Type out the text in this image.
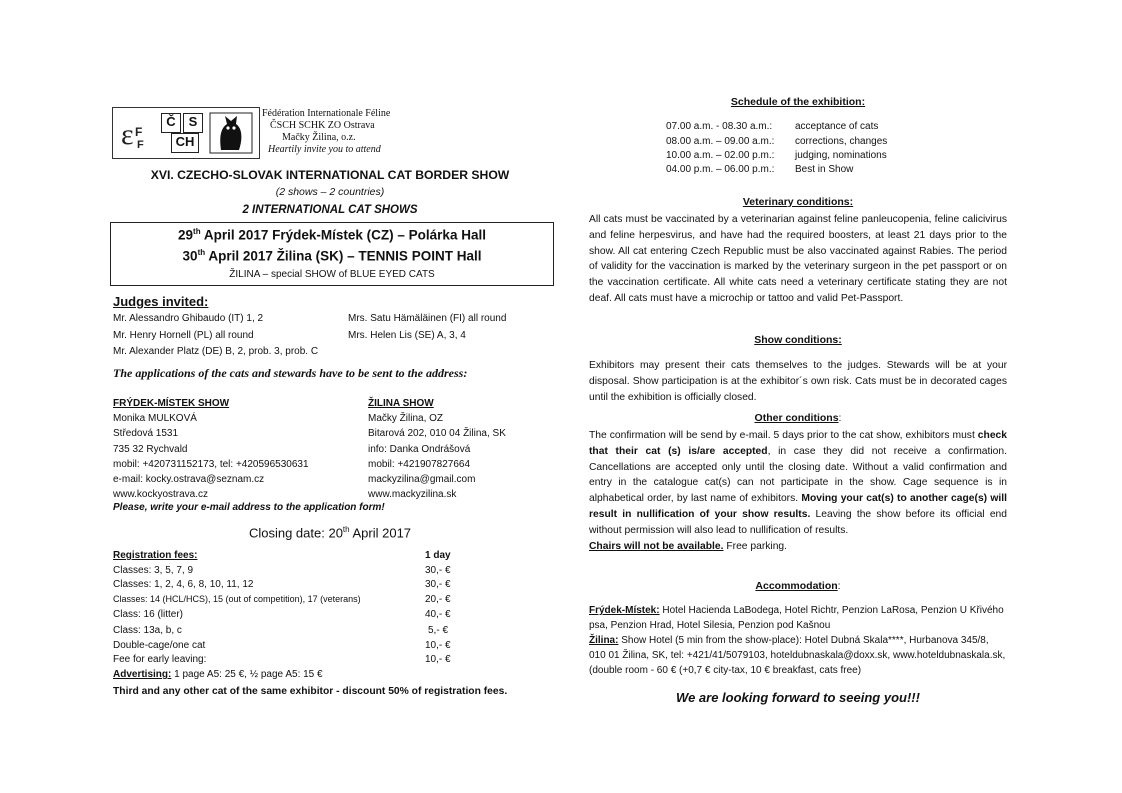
ε F
F
Č S
CH
Fédération Internationale Féline
ČSCH SCHK ZO Ostrava
Mačky Žilina, o.z.
Heartily invite you to attend
XVI. CZECHO-SLOVAK INTERNATIONAL CAT BORDER SHOW
(2 shows – 2 countries)
2 INTERNATIONAL CAT SHOWS
29th April 2017 Frýdek-Místek (CZ) – Polárka Hall
30th April 2017 Žilina (SK) – TENNIS POINT Hall
ŽILINA – special SHOW of BLUE EYED CATS
Judges invited:
Mr. Alessandro Ghibaudo (IT) 1, 2	Mrs. Satu Hämäläinen (FI) all round
Mr. Henry Hornell (PL) all round	Mrs. Helen Lis (SE) A, 3, 4
Mr. Alexander Platz (DE) B, 2, prob. 3, prob. C
The applications of the cats and stewards have to be sent to the address:
FRÝDEK-MÍSTEK SHOW
Monika MULKOVÁ
Středová 1531
735 32 Rychvald
mobil: +420731152173, tel: +420596530631
e-mail: kocky.ostrava@seznam.cz
www.kockyostrava.cz
ŽILINA SHOW
Mačky Žilina, OZ
Bitarová 202, 010 04 Žilina, SK
info: Danka Ondrášová
mobil: +421907827664
mackyzilina@gmail.com
www.mackyzilina.sk
Please, write your e-mail address to the application form!
Closing date: 20th April 2017
Registration fees:	1 day
Classes: 3, 5, 7, 9	30,- €
Classes: 1, 2, 4, 6, 8, 10, 11, 12	30,- €
Classes: 14 (HCL/HCS), 15 (out of competition), 17 (veterans)	20,- €
Class: 16 (litter)	40,- €
Class: 13a, b, c	5,- €
Double-cage/one cat	10,- €
Fee for early leaving:	10,- €
Advertising: 1 page A5: 25 €, ½ page A5: 15 €
Third and any other cat of the same exhibitor - discount 50% of registration fees.
Schedule of the exhibition:
07.00 a.m. - 08.30 a.m.: acceptance of cats
08.00 a.m. – 09.00 a.m.: corrections, changes
10.00 a.m. – 02.00 p.m.: judging, nominations
04.00 p.m. – 06.00 p.m.: Best in Show
Veterinary conditions:
All cats must be vaccinated by a veterinarian against feline panleucopenia, feline calicivirus and feline herpesvirus, and have had the required boosters, at least 21 days prior to the show. All cat entering Czech Republic must be also vaccinated against Rabies. The period of validity for the vaccination is marked by the veterinary surgeon in the pet passport or on the vaccination certificate. All white cats need a veterinary certificate stating they are not deaf. All cats must have a microchip or tattoo and valid Pet-Passport.
Show conditions:
Exhibitors may present their cats themselves to the judges. Stewards will be at your disposal. Show participation is at the exhibitor´s own risk. Cats must be in decorated cages until the exhibition is officially closed.
Other conditions:
The confirmation will be send by e-mail. 5 days prior to the cat show, exhibitors must check that their cat (s) is/are accepted, in case they did not receive a confirmation. Cancellations are accepted only until the closing date. Without a valid confirmation and entry in the catalogue cat(s) can not participate in the show. Cage sequence is in alphabetical order, by last name of exhibitors. Moving your cat(s) to another cage(s) will result in nullification of your show results. Leaving the show before its official end without permission will also lead to nullification of results.
Chairs will not be available. Free parking.
Accommodation:
Frýdek-Místek: Hotel Hacienda LaBodega, Hotel Richtr, Penzion LaRosa, Penzion U Křivého psa, Penzion Hrad, Hotel Silesia, Penzion pod Kašnou
Žilina: Show Hotel (5 min from the show-place): Hotel Dubná Skala****, Hurbanova 345/8, 010 01 Žilina, SK, tel: +421/41/5079103, hoteldubnaskala@doxx.sk, www.hoteldubnaskala.sk, (double room - 60 € (+0,7 € city-tax, 10 € breakfast, cats free)
We are looking forward to seeing you!!!
